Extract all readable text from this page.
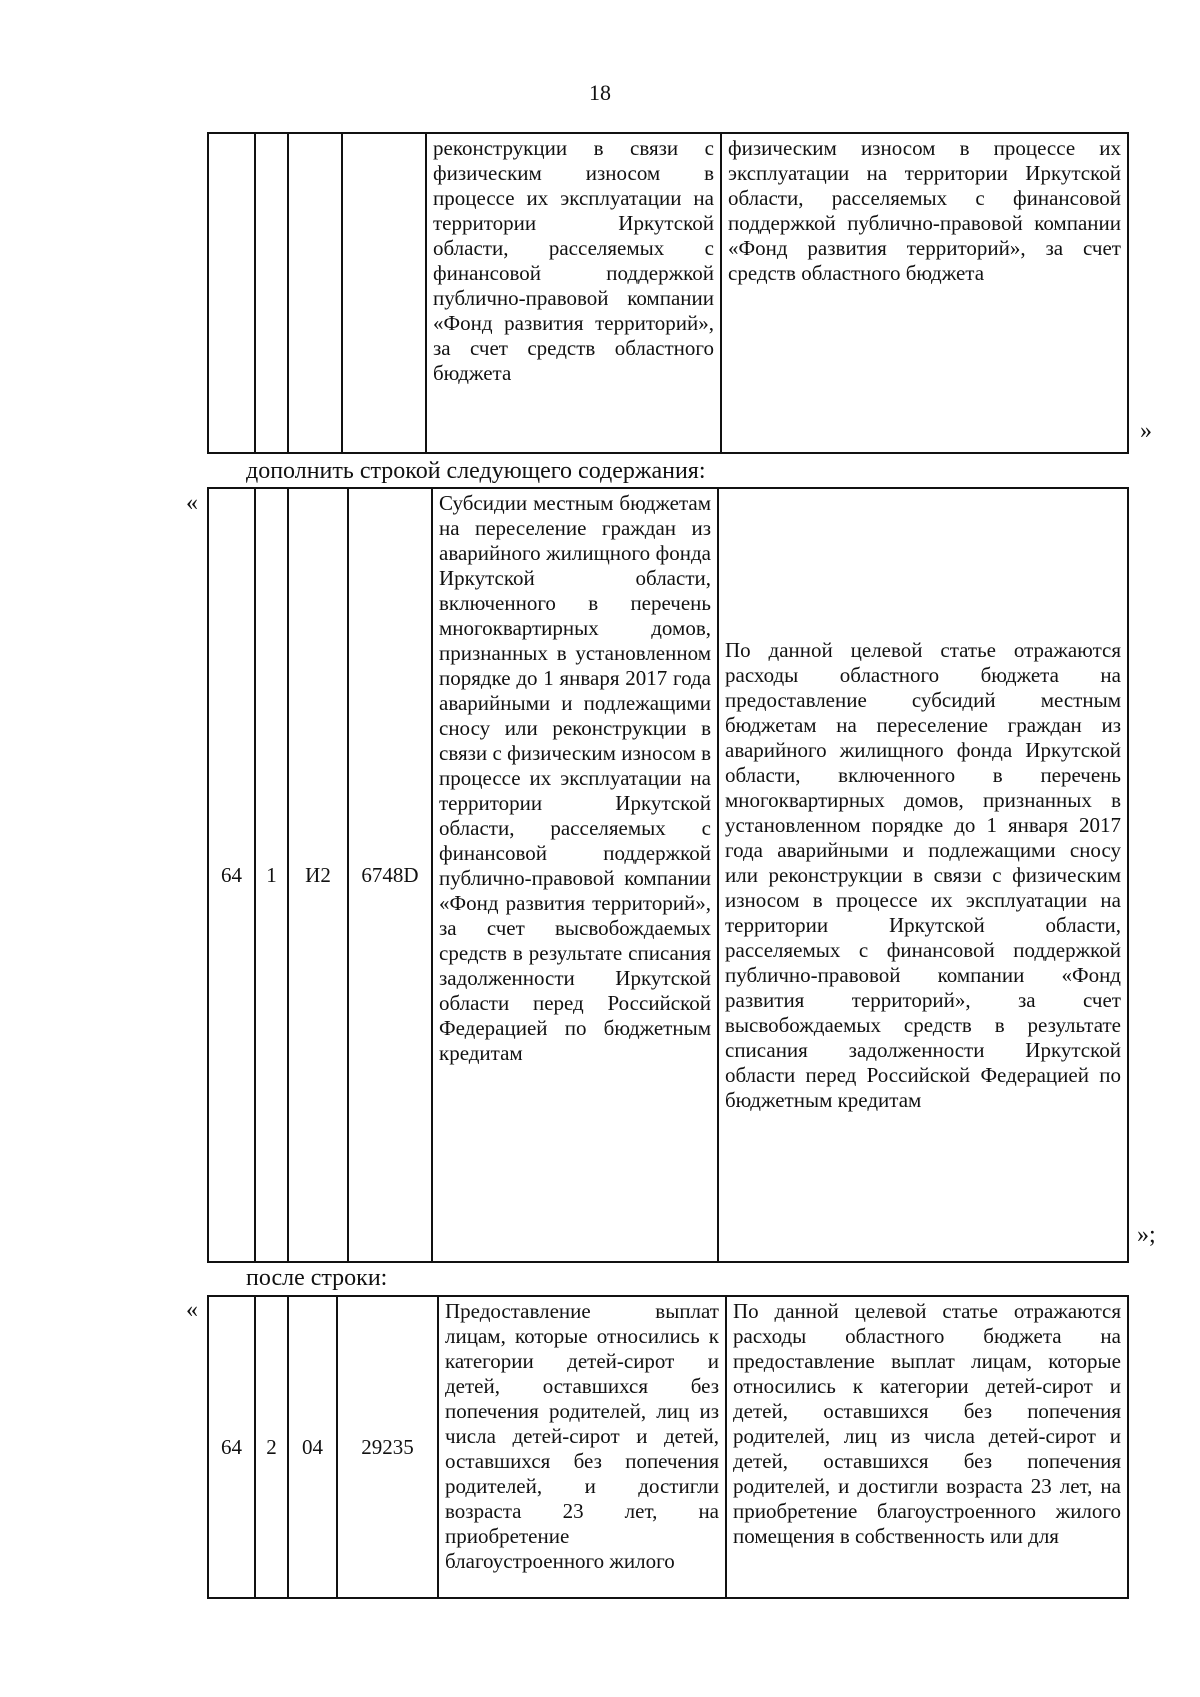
18
				реконструкции в связи с физическим износом в процессе их эксплуатации на территории Иркутской области, расселяемых с финансовой поддержкой публично-правовой компании «Фонд развития территорий», за счет средств областного бюджета	физическим износом в процессе их эксплуатации на территории Иркутской области, расселяемых с финансовой поддержкой публично-правовой компании «Фонд развития территорий», за счет средств областного бюджета
»
дополнить строкой следующего содержания:
«
64	1	И2	6748D	Субсидии местным бюджетам на переселение граждан из аварийного жилищного фонда Иркутской области, включенного в перечень многоквартирных домов, признанных в установленном порядке до 1 января 2017 года аварийными и подлежащими сносу или реконструкции в связи с физическим износом в процессе их эксплуатации на территории Иркутской области, расселяемых с финансовой поддержкой публично-правовой компании «Фонд развития территорий», за счет высвобождаемых средств в результате списания задолженности Иркутской области перед Российской Федерацией по бюджетным кредитам	По данной целевой статье отражаются расходы областного бюджета на предоставление субсидий местным бюджетам на переселение граждан из аварийного жилищного фонда Иркутской области, включенного в перечень многоквартирных домов, признанных в установленном порядке до 1 января 2017 года аварийными и подлежащими сносу или реконструкции в связи с физическим износом в процессе их эксплуатации на территории Иркутской области, расселяемых с финансовой поддержкой публично-правовой компании «Фонд развития территорий», за счет высвобождаемых средств в результате списания задолженности Иркутской области перед Российской Федерацией по бюджетным кредитам
»;
после строки:
«
64	2	04	29235	Предоставление выплат лицам, которые относились к категории детей-сирот и детей, оставшихся без попечения родителей, лиц из числа детей-сирот и детей, оставшихся без попечения родителей, и достигли возраста 23 лет, на приобретение благоустроенного жилого	По данной целевой статье отражаются расходы областного бюджета на предоставление выплат лицам, которые относились к категории детей-сирот и детей, оставшихся без попечения родителей, лиц из числа детей-сирот и детей, оставшихся без попечения родителей, и достигли возраста 23 лет, на приобретение благоустроенного жилого помещения в собственность или для
